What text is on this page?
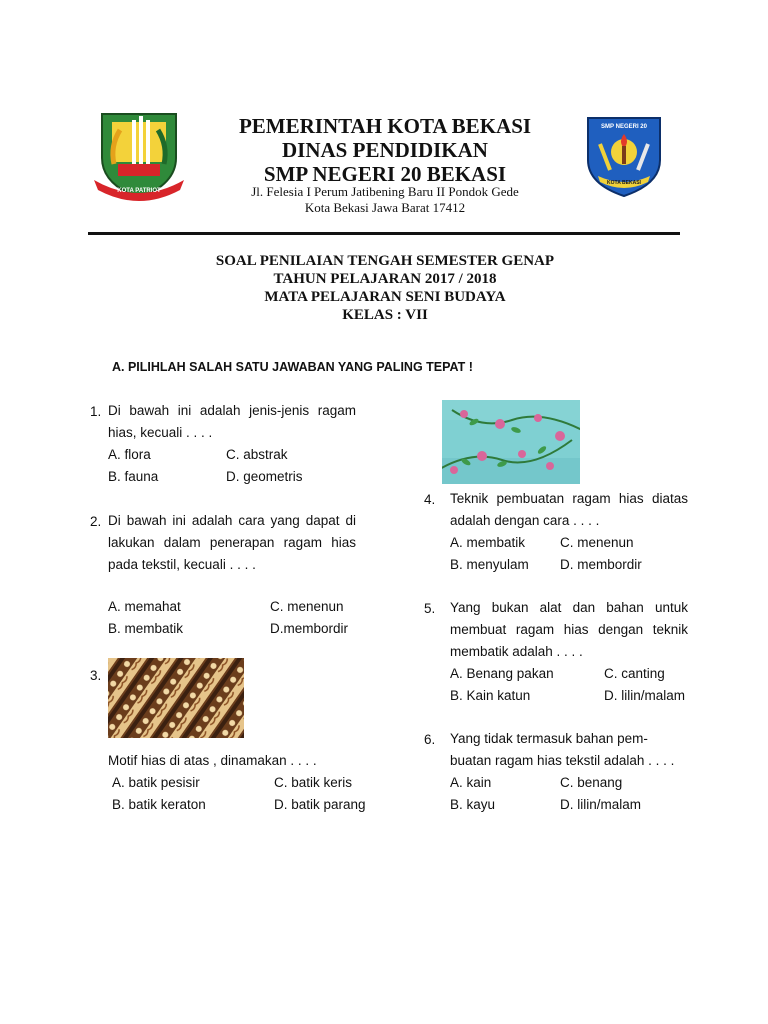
KOTA PATRIOT
PEMERINTAH KOTA BEKASI
DINAS PENDIDIKAN
SMP NEGERI 20 BEKASI
Jl. Felesia I Perum Jatibening Baru II Pondok Gede
Kota Bekasi Jawa Barat 17412
SMP NEGERI 20
KOTA BEKASI
SOAL PENILAIAN TENGAH SEMESTER GENAP
TAHUN PELAJARAN 2017 / 2018
MATA PELAJARAN SENI BUDAYA
KELAS : VII
A. PILIHLAH SALAH SATU JAWABAN YANG PALING TEPAT !
1. Di bawah ini adalah jenis-jenis ragam
hias, kecuali . . . .
A. flora	C. abstrak
B. fauna	D. geometris
2. Di bawah ini adalah cara yang dapat di
lakukan dalam penerapan ragam hias
pada tekstil, kecuali . . . .
A. memahat	C. menenun
B. membatik	D.membordir
3.
Motif hias di atas , dinamakan . . . .
A. batik pesisir	C. batik keris
B. batik keraton	D. batik parang
4. Teknik pembuatan ragam hias diatas
adalah dengan cara . . . .
A. membatik	C. menenun
B. menyulam D. membordir
5. Yang bukan alat dan bahan untuk
membuat ragam hias dengan teknik
membatik adalah . . . .
A. Benang pakan	C. canting
B. Kain katun	D. lilin/malam
6. Yang tidak termasuk bahan pem-
buatan ragam hias tekstil adalah . . . .
A. kain	C. benang
B. kayu	D. lilin/malam
